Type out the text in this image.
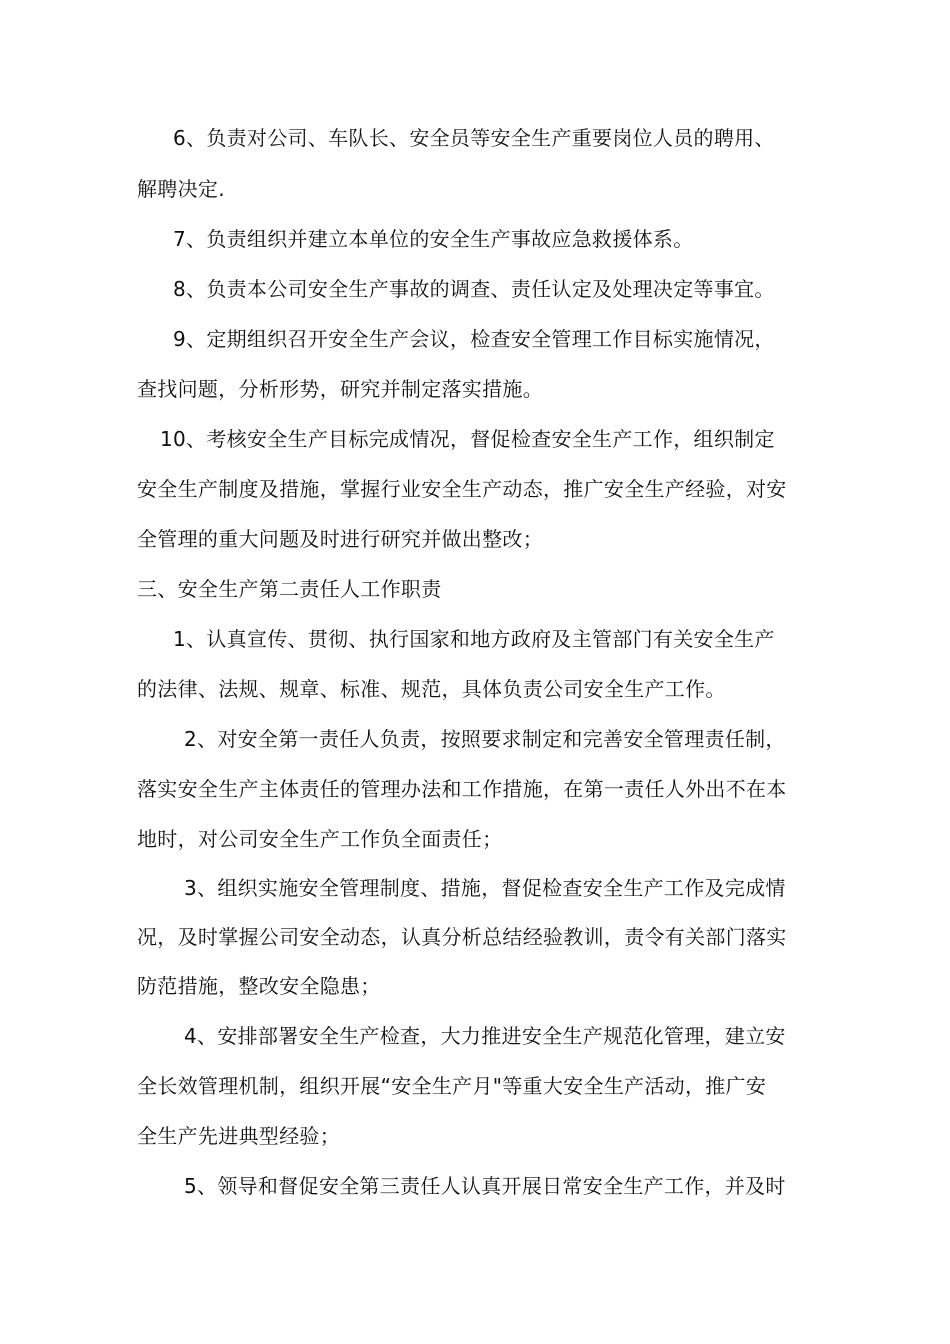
6、负责对公司、车队长、安全员等安全生产重要岗位人员的聘用、
解聘决定.
7、负责组织并建立本单位的安全生产事故应急救援体系。
8、负责本公司安全生产事故的调查、责任认定及处理决定等事宜。
9、定期组织召开安全生产会议，检查安全管理工作目标实施情况，
查找问题，分析形势，研究并制定落实措施。
10、考核安全生产目标完成情况，督促检查安全生产工作，组织制定
安全生产制度及措施，掌握行业安全生产动态，推广安全生产经验，对安
全管理的重大问题及时进行研究并做出整改；
三、安全生产第二责任人工作职责
1、认真宣传、贯彻、执行国家和地方政府及主管部门有关安全生产
的法律、法规、规章、标准、规范，具体负责公司安全生产工作。
2、对安全第一责任人负责，按照要求制定和完善安全管理责任制，
落实安全生产主体责任的管理办法和工作措施，在第一责任人外出不在本
地时，对公司安全生产工作负全面责任；
3、组织实施安全管理制度、措施，督促检查安全生产工作及完成情
况，及时掌握公司安全动态，认真分析总结经验教训，责令有关部门落实
防范措施，整改安全隐患；
4、安排部署安全生产检查，大力推进安全生产规范化管理，建立安
全长效管理机制，组织开展“安全生产月"等重大安全生产活动，推广安
全生产先进典型经验；
5、领导和督促安全第三责任人认真开展日常安全生产工作，并及时
